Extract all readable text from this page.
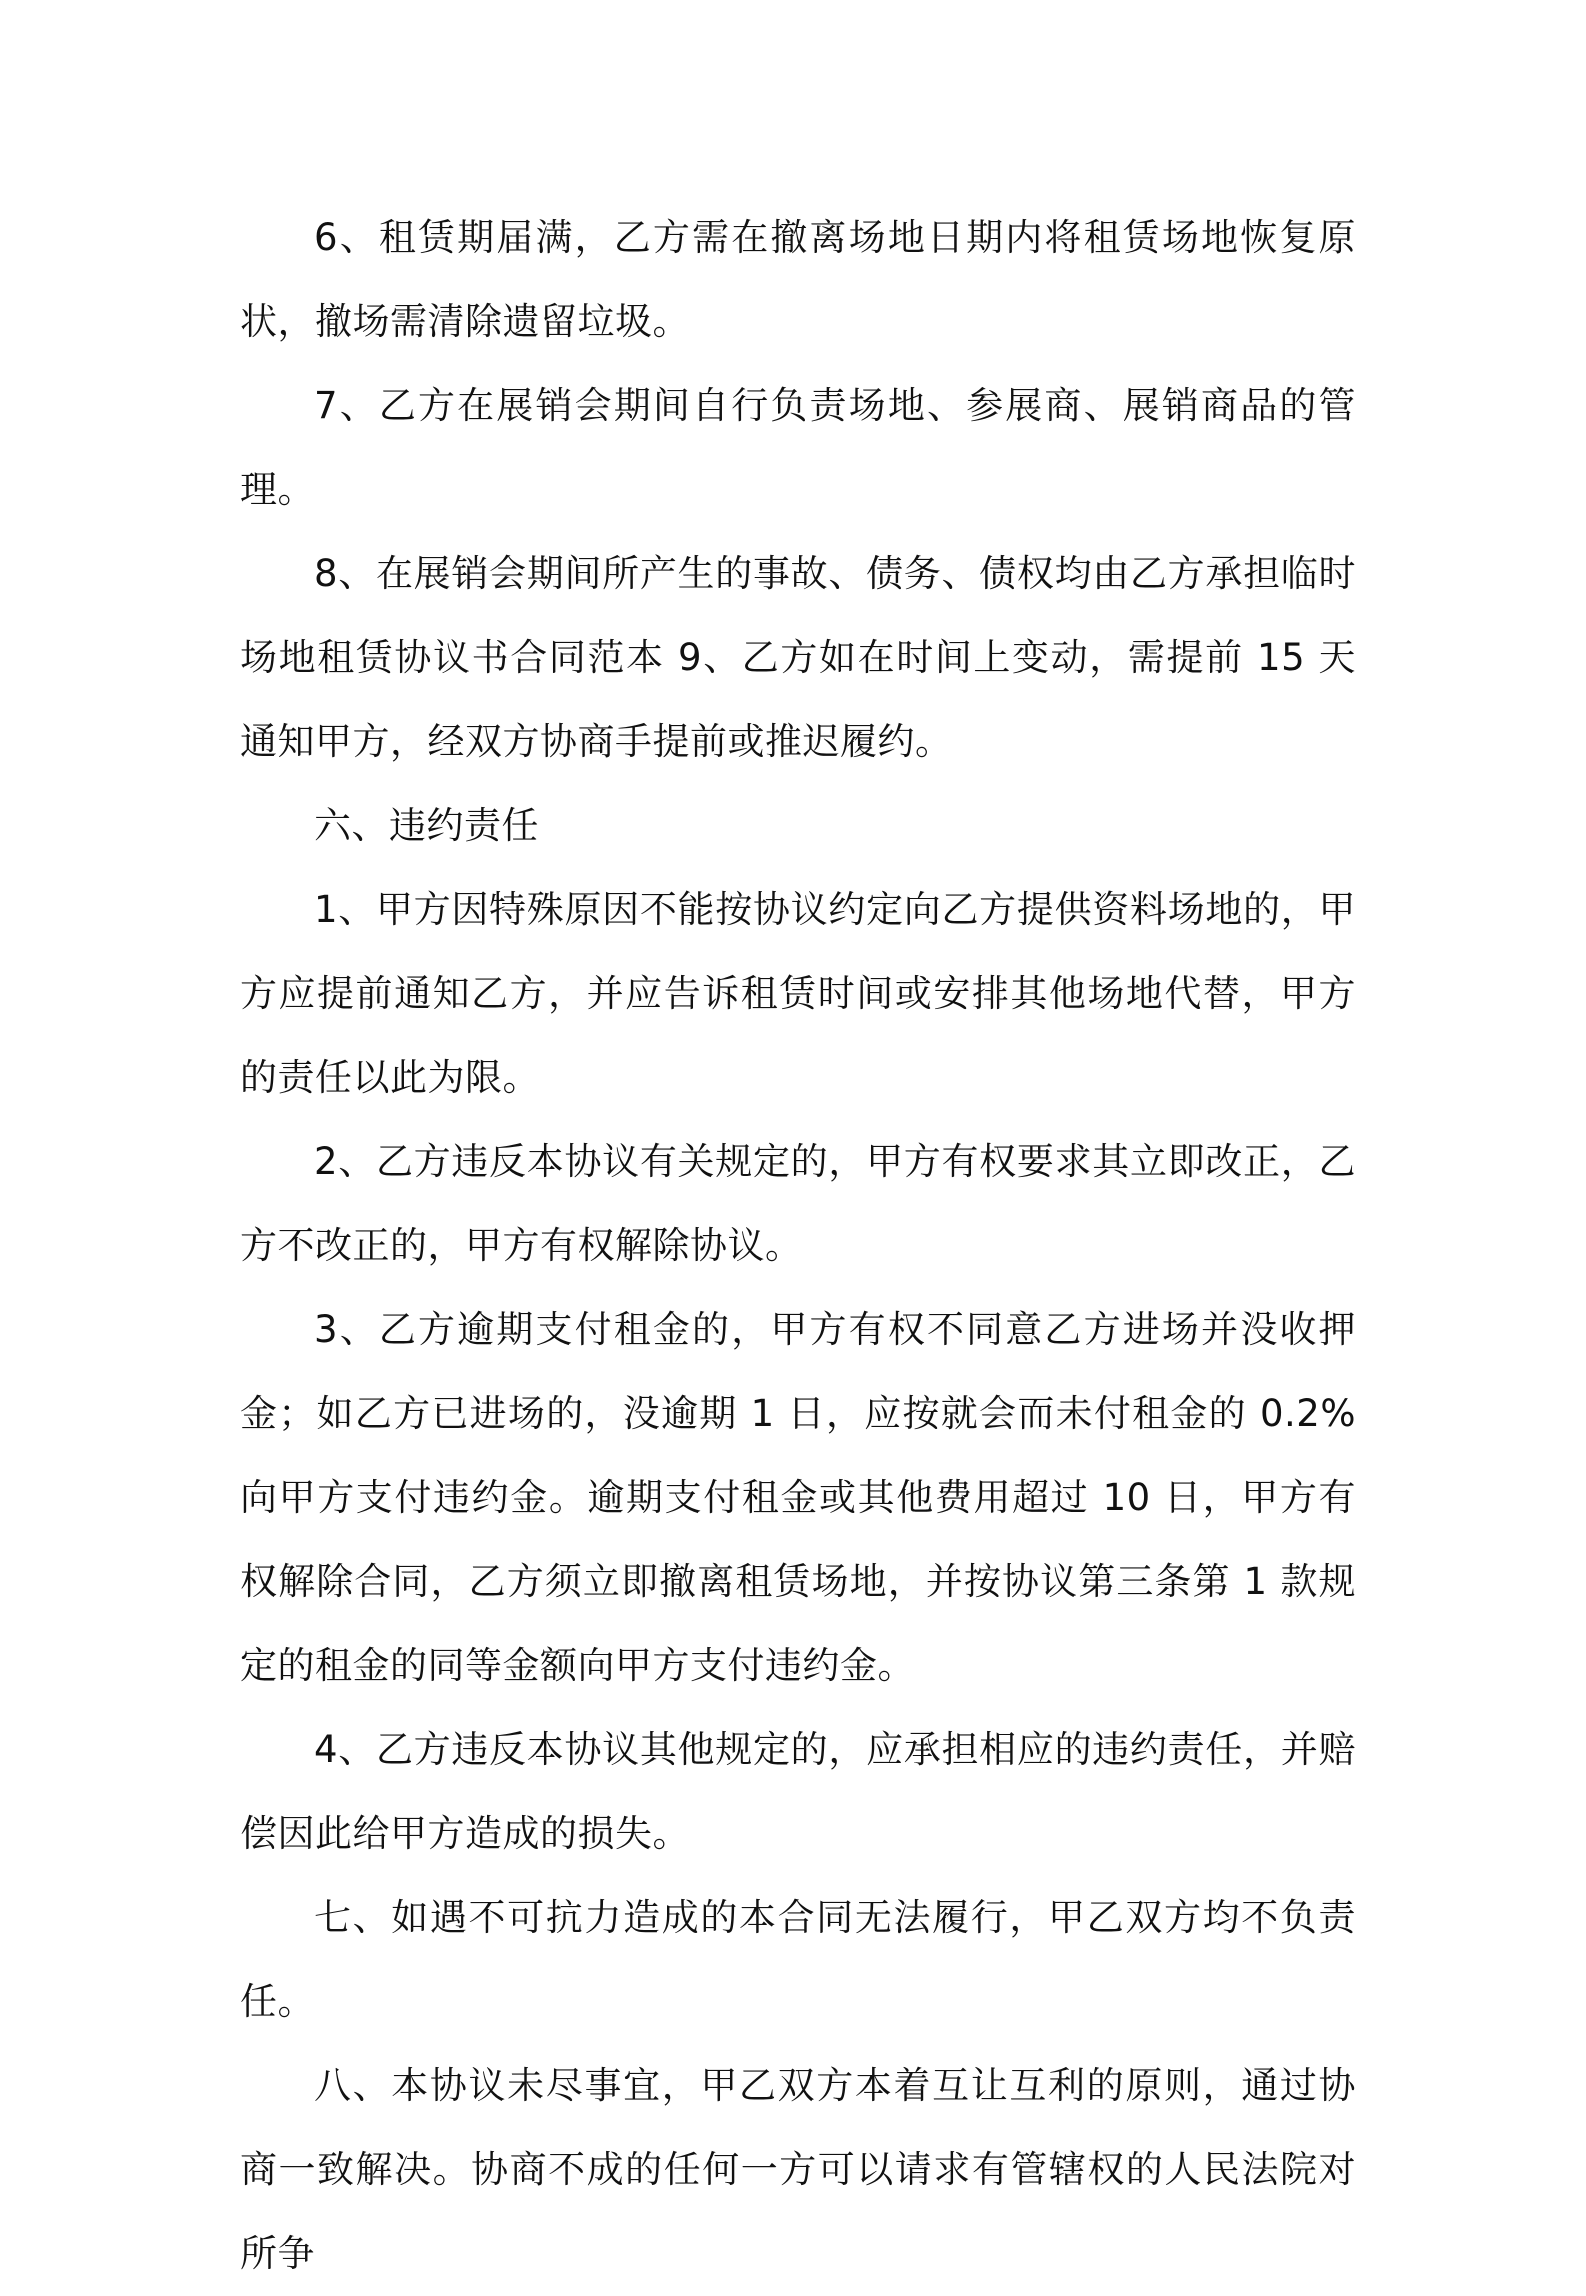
6、租赁期届满，乙方需在撤离场地日期内将租赁场地恢复原状，撤场需清除遗留垃圾。

7、乙方在展销会期间自行负责场地、参展商、展销商品的管理。

8、在展销会期间所产生的事故、债务、债权均由乙方承担临时场地租赁协议书合同范本 9、乙方如在时间上变动，需提前 15 天通知甲方，经双方协商手提前或推迟履约。

六、违约责任

1、甲方因特殊原因不能按协议约定向乙方提供资料场地的，甲方应提前通知乙方，并应告诉租赁时间或安排其他场地代替，甲方的责任以此为限。

2、乙方违反本协议有关规定的，甲方有权要求其立即改正，乙方不改正的，甲方有权解除协议。

3、乙方逾期支付租金的，甲方有权不同意乙方进场并没收押金；如乙方已进场的，没逾期 1 日，应按就会而未付租金的 0.2%向甲方支付违约金。逾期支付租金或其他费用超过 10 日，甲方有权解除合同，乙方须立即撤离租赁场地，并按协议第三条第 1 款规定的租金的同等金额向甲方支付违约金。

4、乙方违反本协议其他规定的，应承担相应的违约责任，并赔偿因此给甲方造成的损失。

七、如遇不可抗力造成的本合同无法履行，甲乙双方均不负责任。

八、本协议未尽事宜，甲乙双方本着互让互利的原则，通过协商一致解决。协商不成的任何一方可以请求有管辖权的人民法院对所争
